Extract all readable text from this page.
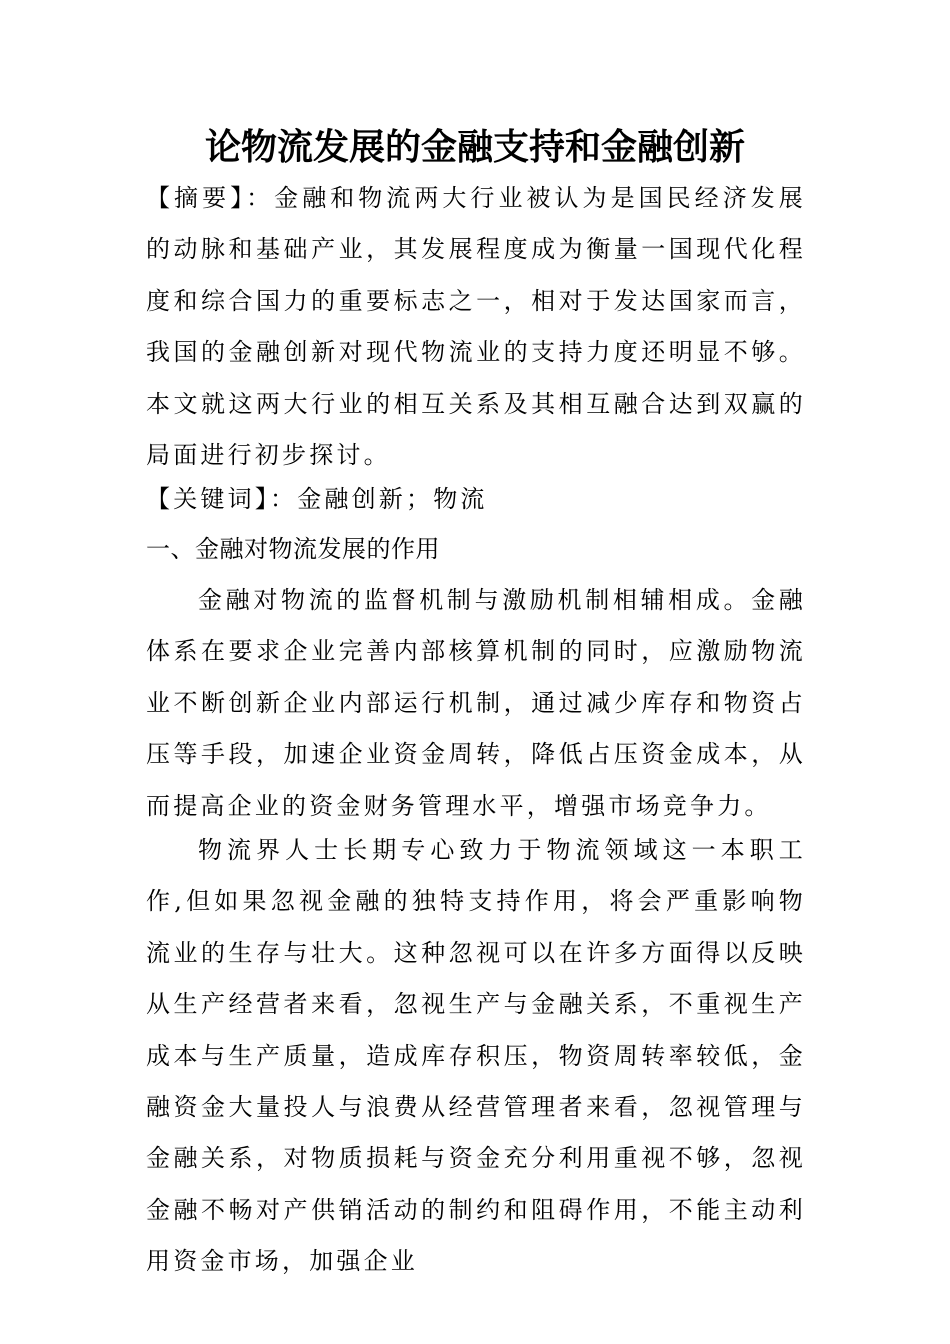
论物流发展的金融支持和金融创新
【摘要】：金融和物流两大行业被认为是国民经济发展的动脉和基础产业，其发展程度成为衡量一国现代化程度和综合国力的重要标志之一，相对于发达国家而言，我国的金融创新对现代物流业的支持力度还明显不够。本文就这两大行业的相互关系及其相互融合达到双赢的局面进行初步探讨。
【关键词】：金融创新；物流
一、金融对物流发展的作用
金融对物流的监督机制与激励机制相辅相成。金融体系在要求企业完善内部核算机制的同时，应激励物流业不断创新企业内部运行机制，通过减少库存和物资占压等手段，加速企业资金周转，降低占压资金成本，从而提高企业的资金财务管理水平，增强市场竞争力。
物流界人士长期专心致力于物流领域这一本职工作,但如果忽视金融的独特支持作用，将会严重影响物流业的生存与壮大。这种忽视可以在许多方面得以反映从生产经营者来看，忽视生产与金融关系，不重视生产成本与生产质量，造成库存积压，物资周转率较低，金融资金大量投人与浪费从经营管理者来看，忽视管理与金融关系，对物质损耗与资金充分利用重视不够，忽视金融不畅对产供销活动的制约和阻碍作用，不能主动利用资金市场，加强企业
